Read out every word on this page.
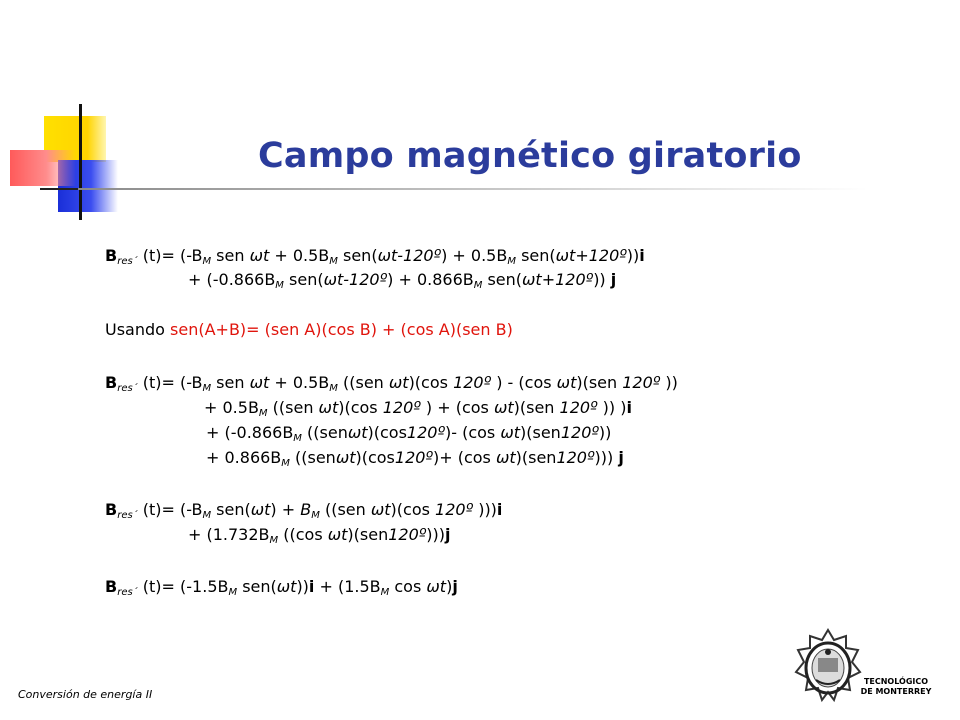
Campo magnético giratorio
$B_{res´}$ $(t)= (-B_M$ sen $\omega t + 0.5B_M$ sen(ωt-120º) + $0.5B_M$ sen(ωt+120º))i
+ ($-0.866B_M$ sen(ωt-120º) + $0.866B_M$ sen(ωt+120º)) j
Usando sen(A+B)= (sen A)(cos B) + (cos A)(sen B)
$B_{res´}$ $(t)= (-B_M$ sen $\omega t + 0.5B_M$ ((sen ωt)(cos 120º ) - (cos ωt)(sen 120º ))
+ $0.5B_M$ ((sen ωt)(cos 120º ) + (cos ωt)(sen 120º )) )i
+ ($-0.866B_M$ ((senωt)(cos120º)- (cos ωt)(sen120º))
+ $0.866B_M$ ((senωt)(cos120º)+ (cos ωt)(sen120º))) j
$B_{res´}$ $(t)= (-B_M$ $sen(\omega t) + B_M$ ((sen ωt)(cos 120º )))i
+ ($1.732B_M$ ((cos ωt)(sen120º)))j
$B_{res´}$ $(t)= (-1.5B_M$ $sen(\omega t))i + (1.5B_M$ cos ωt)j
Conversión de energía II
TECNOLÓGICO
DE MONTERREY
